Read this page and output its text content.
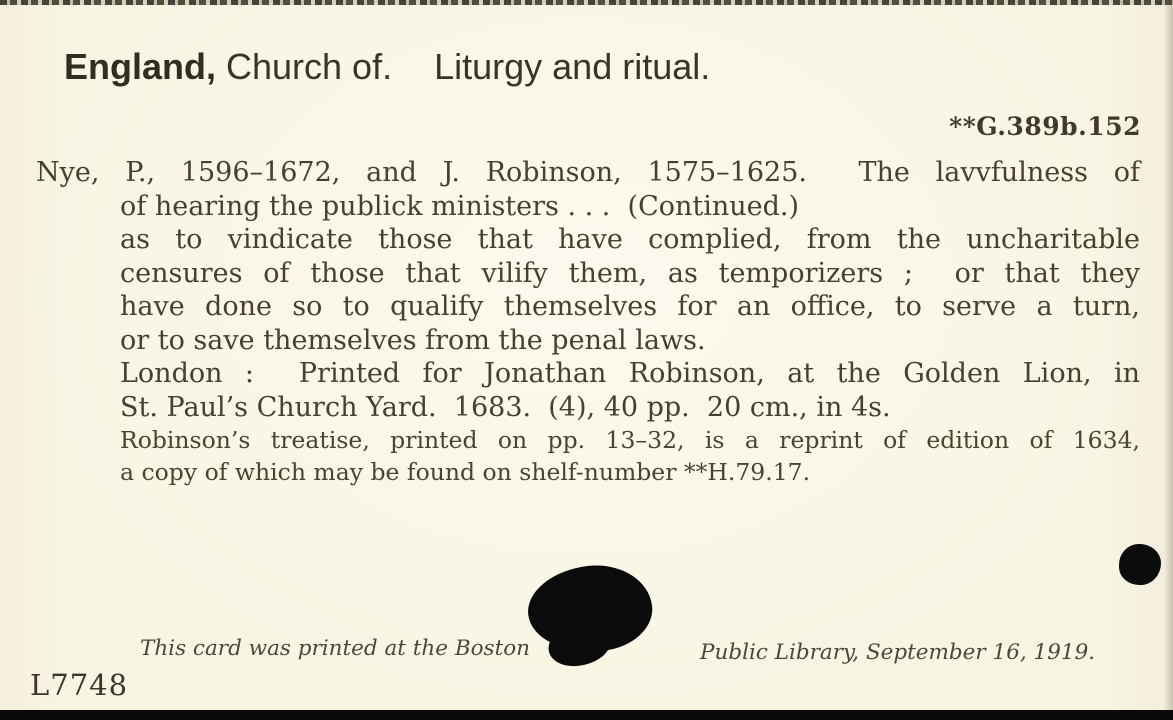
England, Church of. Liturgy and ritual.
**G.389b.152
Nye, P., 1596–1672, and J. Robinson, 1575–1625.  The lavvfulness of
of hearing the publick ministers . . .  (Continued.)
as to vindicate those that have complied, from the uncharitable
censures of those that vilify them, as temporizers ;  or that they
have done so to qualify themselves for an office, to serve a turn,
or to save themselves from the penal laws.
London :  Printed for Jonathan Robinson, at the Golden Lion, in
St. Paul’s Church Yard.  1683.  (4), 40 pp.  20 cm., in 4s.
Robinson’s treatise, printed on pp. 13–32, is a reprint of edition of 1634,
a copy of which may be found on shelf-number **H.79.17.
This card was printed at the Boston	Public Library, September 16, 1919.
L7748
